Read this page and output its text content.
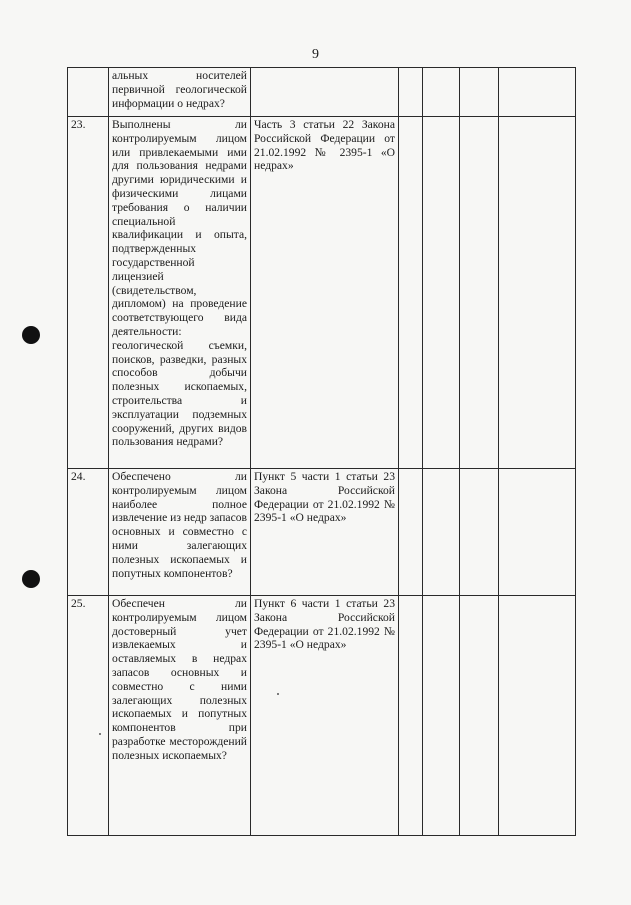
9
	альных носителей первичной геологической информации о недрах?					
23.	Выполнены ли контролируемым лицом или привлекаемыми ими для пользования недрами другими юридическими и физическими лицами требования о наличии специальной квалификации и опыта, подтвержденных государственной лицензией (свидетельством, дипломом) на проведение соответствующего вида деятельности: геологической съемки, поисков, разведки, разных способов добычи полезных ископаемых, строительства и эксплуатации подземных сооружений, других видов пользования недрами?	Часть 3 статьи 22 Закона Российской Федерации от 21.02.1992 № 2395-1 «О недрах»				
24.	Обеспечено ли контролируемым лицом наиболее полное извлечение из недр запасов основных и совместно с ними залегающих полезных ископаемых и попутных компонентов?	Пункт 5 части 1 статьи 23 Закона Российской Федерации от 21.02.1992 № 2395-1 «О недрах»				
25.	Обеспечен ли контролируемым лицом достоверный учет извлекаемых и оставляемых в недрах запасов основных и совместно с ними залегающих полезных ископаемых и попутных компонентов при разработке месторождений полезных ископаемых?	Пункт 6 части 1 статьи 23 Закона Российской Федерации от 21.02.1992 № 2395-1 «О недрах»				
